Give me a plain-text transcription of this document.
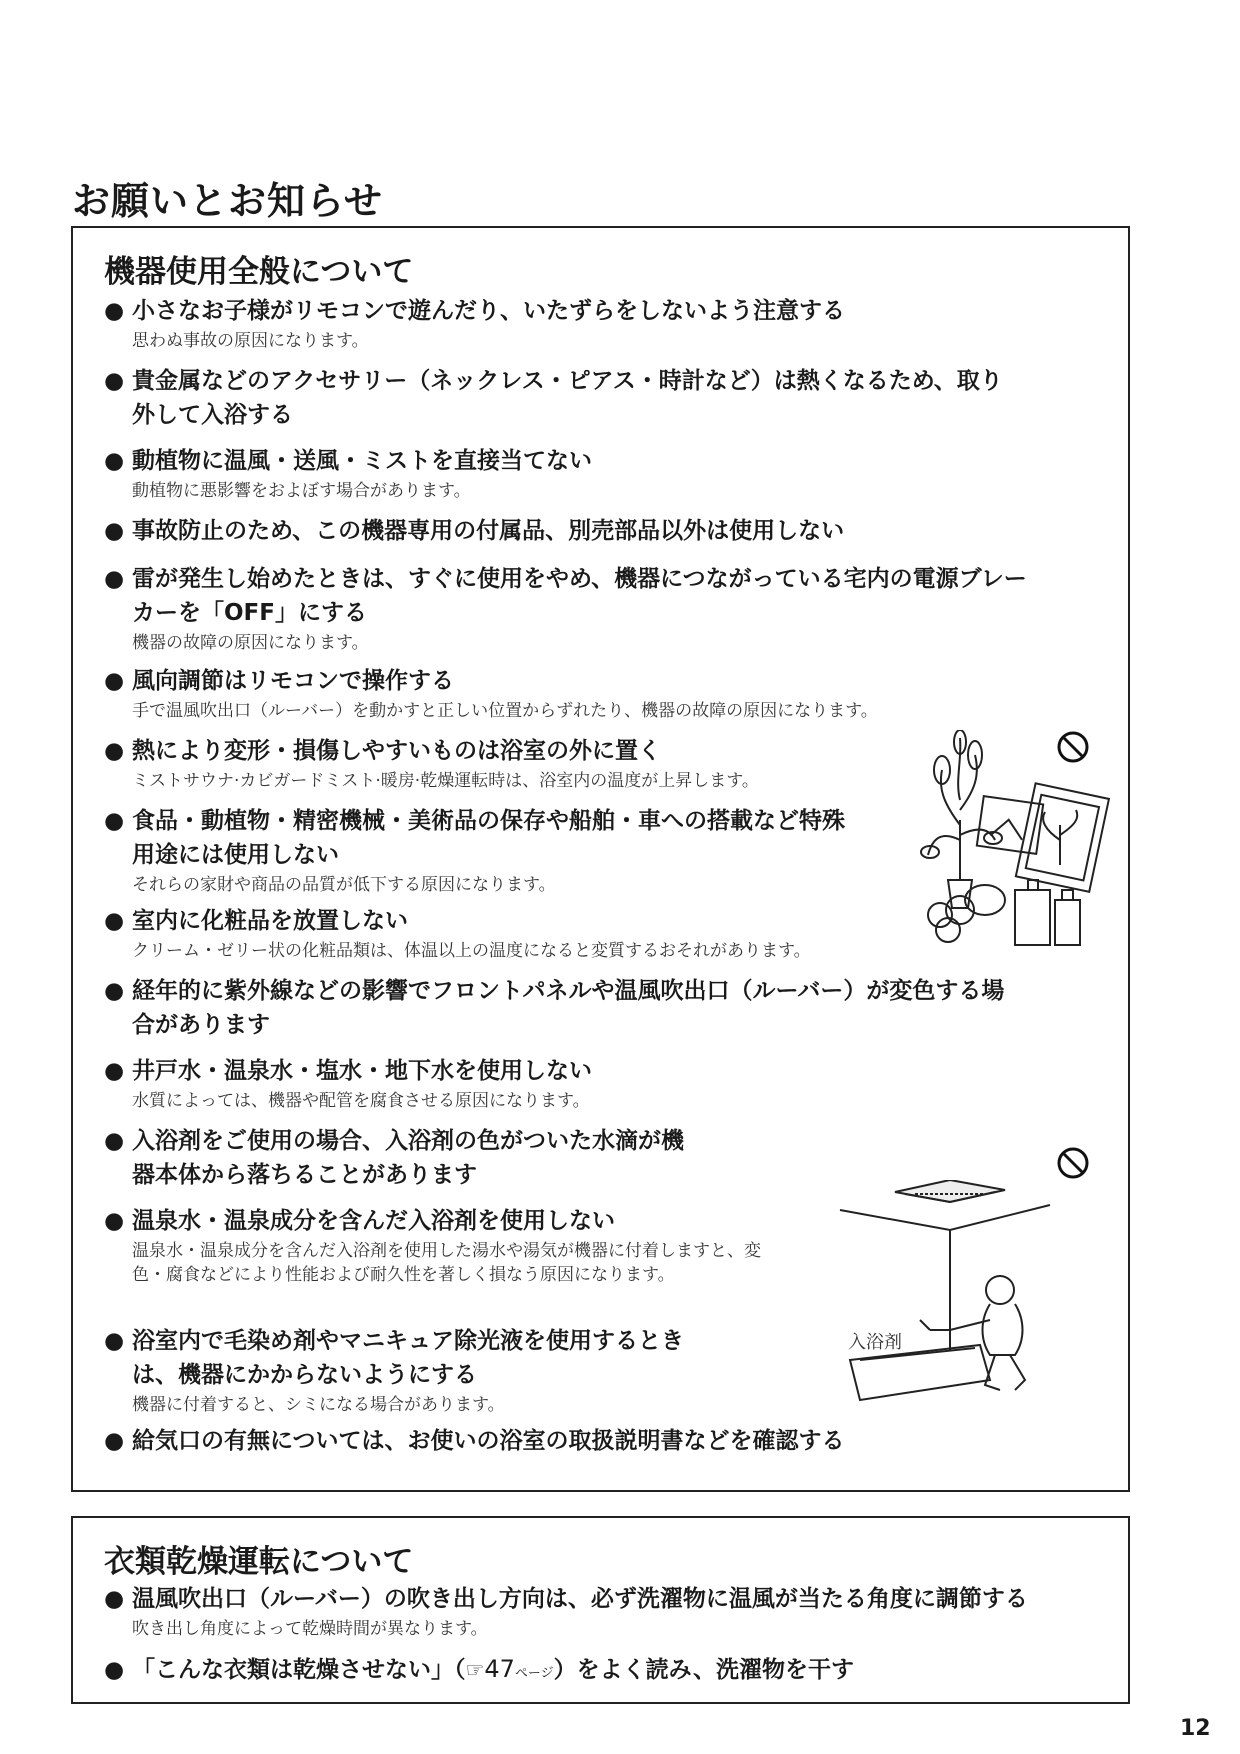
お願いとお知らせ
機器使用全般について
● 小さなお子様がリモコンで遊んだり、いたずらをしないよう注意する
思わぬ事故の原因になります。
● 貴金属などのアクセサリー（ネックレス・ピアス・時計など）は熱くなるため、取り
外して入浴する
● 動植物に温風・送風・ミストを直接当てない
動植物に悪影響をおよぼす場合があります。
● 事故防止のため、この機器専用の付属品、別売部品以外は使用しない
● 雷が発生し始めたときは、すぐに使用をやめ、機器につながっている宅内の電源ブレー
カーを「OFF」にする
機器の故障の原因になります。
● 風向調節はリモコンで操作する
手で温風吹出口（ルーバー）を動かすと正しい位置からずれたり、機器の故障の原因になります。
● 熱により変形・損傷しやすいものは浴室の外に置く
ミストサウナ·カビガードミスト·暖房·乾燥運転時は、浴室内の温度が上昇します。
● 食品・動植物・精密機械・美術品の保存や船舶・車への搭載など特殊
用途には使用しない
それらの家財や商品の品質が低下する原因になります。
● 室内に化粧品を放置しない
クリーム・ゼリー状の化粧品類は、体温以上の温度になると変質するおそれがあります。
● 経年的に紫外線などの影響でフロントパネルや温風吹出口（ルーバー）が変色する場
合があります
● 井戸水・温泉水・塩水・地下水を使用しない
水質によっては、機器や配管を腐食させる原因になります。
● 入浴剤をご使用の場合、入浴剤の色がついた水滴が機
器本体から落ちることがあります
● 温泉水・温泉成分を含んだ入浴剤を使用しない
温泉水・温泉成分を含んだ入浴剤を使用した湯水や湯気が機器に付着しますと、変色・腐食などにより性能および耐久性を著しく損なう原因になります。
● 浴室内で毛染め剤やマニキュア除光液を使用するとき
は、機器にかからないようにする
機器に付着すると、シミになる場合があります。
● 給気口の有無については、お使いの浴室の取扱説明書などを確認する
入浴剤
衣類乾燥運転について
● 温風吹出口（ルーバー）の吹き出し方向は、必ず洗濯物に温風が当たる角度に調節する
吹き出し角度によって乾燥時間が異なります。
● 「こんな衣類は乾燥させない」（☞47ページ）をよく読み、洗濯物を干す
12
